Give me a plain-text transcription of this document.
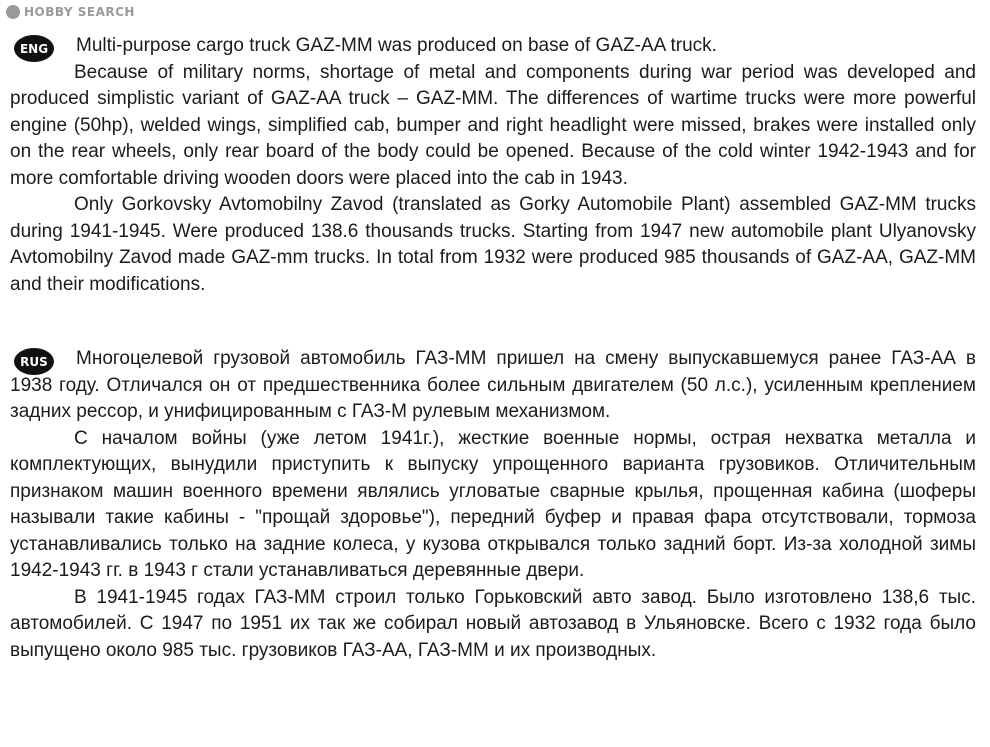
HOBBY SEARCH
ENG	Multi-purpose cargo truck GAZ-MM was produced on base of GAZ-AA truck.

Because of military norms, shortage of metal and components during war period was developed and produced simplistic variant of GAZ-AA truck – GAZ-MM. The differences of wartime trucks were more powerful engine (50hp), welded wings, simplified cab, bumper and right headlight were missed, brakes were installed only on the rear wheels, only rear board of the body could be opened. Because of the cold winter 1942-1943 and for more comfortable driving wooden doors were placed into the cab in 1943.

Only Gorkovsky Avtomobilny Zavod (translated as Gorky Automobile Plant) assembled GAZ-MM trucks during 1941-1945. Were produced 138.6 thousands trucks. Starting from 1947 new automobile plant Ulyanovsky Avtomobilny Zavod made GAZ-mm trucks. In total from 1932 were produced 985 thousands of GAZ-AA, GAZ-MM and their modifications.

RUS	Многоцелевой грузовой автомобиль ГАЗ-ММ пришел на смену выпускавшемуся ранее ГАЗ-АА в 1938 году. Отличался он от предшественника более сильным двигателем (50 л.с.), усиленным креплением задних рессор, и унифицированным с ГАЗ-М рулевым механизмом.

С началом войны (уже летом 1941г.), жесткие военные нормы, острая нехватка металла и комплектующих, вынудили приступить к выпуску упрощенного варианта грузовиков. Отличительным признаком машин военного времени являлись угловатые сварные крылья, прощенная кабина (шоферы называли такие кабины - "прощай здоровье"), передний буфер и правая фара отсутствовали, тормоза устанавливались только на задние колеса, у кузова открывался только задний борт. Из-за холодной зимы 1942-1943 гг. в 1943 г стали устанавливаться деревянные двери.

В 1941-1945 годах ГАЗ-ММ строил только Горьковский авто завод. Было изготовлено 138,6 тыс. автомобилей. С 1947 по 1951 их так же собирал новый автозавод в Ульяновске. Всего с 1932 года было выпущено около 985 тыс. грузовиков ГАЗ-АА, ГАЗ-ММ и их производных.
